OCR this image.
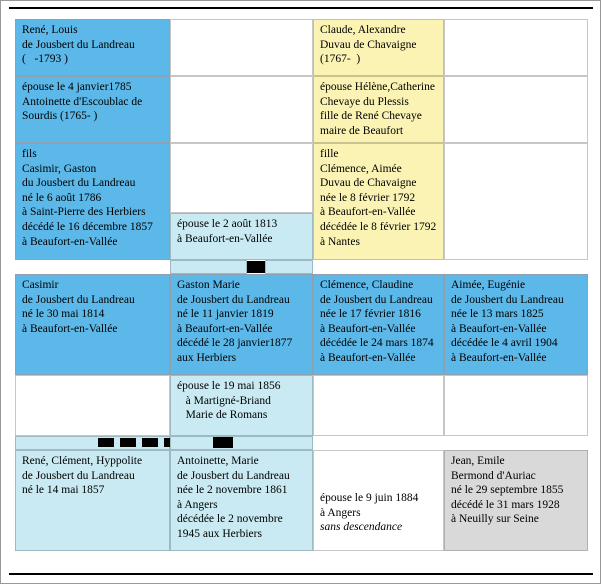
René, Louis
de Jousbert du Landreau
(   -1793 )
Claude, Alexandre
Duvau de Chavaigne
(1767-  )
épouse le 4 janvier1785
Antoinette d'Escoublac de
Sourdis (1765- )
épouse Hélène,Catherine
Chevaye du Plessis
fille de René Chevaye
maire de Beaufort
fils
Casimir, Gaston
du Jousbert du Landreau
né le 6 août 1786
à Saint-Pierre des Herbiers
décédé le 16 décembre 1857
à Beaufort-en-Vallée
épouse le 2 août 1813
à Beaufort-en-Vallée
fille
Clémence, Aimée
Duvau de Chavaigne
née le 8 février 1792
à Beaufort-en-Vallée
décédée le 8 février 1792
à Nantes
Casimir
de Jousbert du Landreau
né le 30 mai 1814
à Beaufort-en-Vallée
Gaston Marie
de Jousbert du Landreau
né le 11 janvier 1819
à Beaufort-en-Vallée
décédé le 28 janvier1877
aux Herbiers
Clémence, Claudine
de Jousbert du Landreau
née le 17 février 1816
à Beaufort-en-Vallée
décédée le 24 mars 1874
à Beaufort-en-Vallée
Aimée, Eugénie
de Jousbert du Landreau
née le 13 mars 1825
à Beaufort-en-Vallée
décédée le 4 avril 1904
à Beaufort-en-Vallée
épouse le 19 mai 1856
à Martigné-Briand
Marie de Romans
René, Clément, Hyppolite
de Jousbert du Landreau
né le 14 mai 1857
Antoinette, Marie
de Jousbert du Landreau
née le 2 novembre 1861
à Angers
décédée le 2 novembre
1945 aux Herbiers
épouse le 9 juin 1884
à Angers
sans descendance
Jean, Emile
Bermond d'Auriac
né le 29 septembre 1855
décédé le 31 mars 1928
à Neuilly sur Seine
